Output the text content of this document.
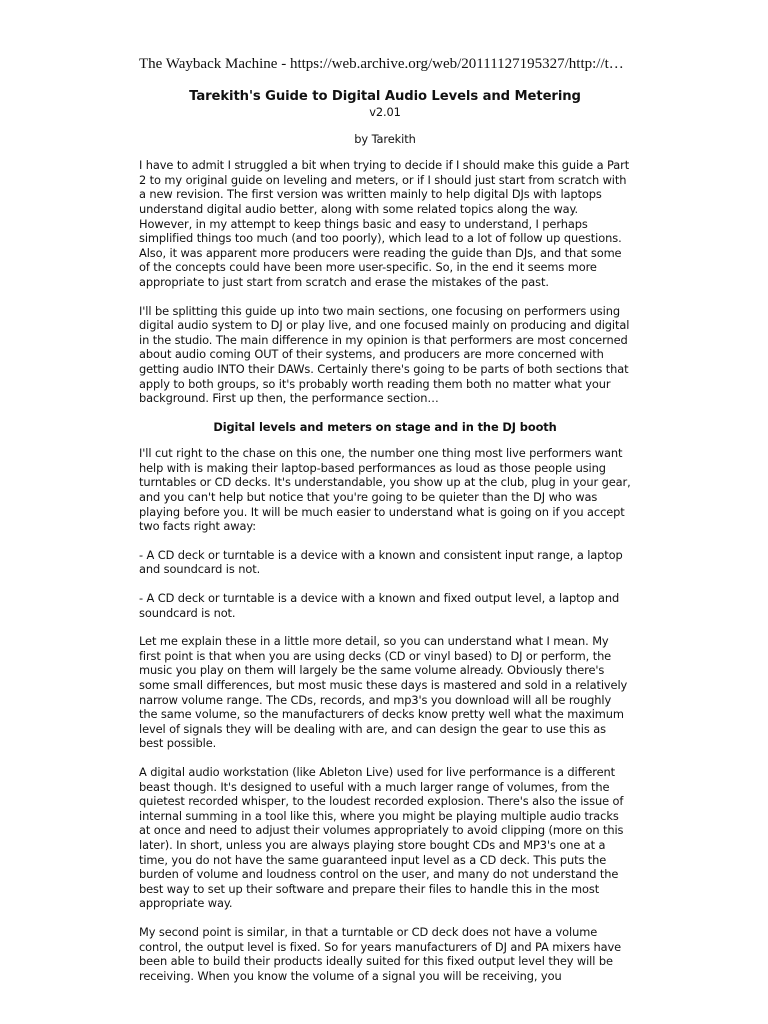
The Wayback Machine - https://web.archive.org/web/20111127195327/http://t…
Tarekith's Guide to Digital Audio Levels and Metering
v2.01
by Tarekith

I have to admit I struggled a bit when trying to decide if I should make this guide a Part 2 to my original guide on leveling and meters, or if I should just start from scratch with a new revision. The first version was written mainly to help digital DJs with laptops understand digital audio better, along with some related topics along the way. However, in my attempt to keep things basic and easy to understand, I perhaps simplified things too much (and too poorly), which lead to a lot of follow up questions. Also, it was apparent more producers were reading the guide than DJs, and that some of the concepts could have been more user-specific. So, in the end it seems more appropriate to just start from scratch and erase the mistakes of the past.

I'll be splitting this guide up into two main sections, one focusing on performers using digital audio system to DJ or play live, and one focused mainly on producing and digital in the studio. The main difference in my opinion is that performers are most concerned about audio coming OUT of their systems, and producers are more concerned with getting audio INTO their DAWs. Certainly there's going to be parts of both sections that apply to both groups, so it's probably worth reading them both no matter what your background. First up then, the performance section…

Digital levels and meters on stage and in the DJ booth

I'll cut right to the chase on this one, the number one thing most live performers want help with is making their laptop-based performances as loud as those people using turntables or CD decks. It's understandable, you show up at the club, plug in your gear, and you can't help but notice that you're going to be quieter than the DJ who was playing before you. It will be much easier to understand what is going on if you accept two facts right away:

- A CD deck or turntable is a device with a known and consistent input range, a laptop and soundcard is not.

- A CD deck or turntable is a device with a known and fixed output level, a laptop and soundcard is not.

Let me explain these in a little more detail, so you can understand what I mean. My first point is that when you are using decks (CD or vinyl based) to DJ or perform, the music you play on them will largely be the same volume already. Obviously there's some small differences, but most music these days is mastered and sold in a relatively narrow volume range. The CDs, records, and mp3's you download will all be roughly the same volume, so the manufacturers of decks know pretty well what the maximum level of signals they will be dealing with are, and can design the gear to use this as best possible.

A digital audio workstation (like Ableton Live) used for live performance is a different beast though. It's designed to useful with a much larger range of volumes, from the quietest recorded whisper, to the loudest recorded explosion. There's also the issue of internal summing in a tool like this, where you might be playing multiple audio tracks at once and need to adjust their volumes appropriately to avoid clipping (more on this later). In short, unless you are always playing store bought CDs and MP3's one at a time, you do not have the same guaranteed input level as a CD deck. This puts the burden of volume and loudness control on the user, and many do not understand the best way to set up their software and prepare their files to handle this in the most appropriate way.

My second point is similar, in that a turntable or CD deck does not have a volume control, the output level is fixed. So for years manufacturers of DJ and PA mixers have been able to build their products ideally suited for this fixed output level they will be receiving. When you know the volume of a signal you will be receiving, you
